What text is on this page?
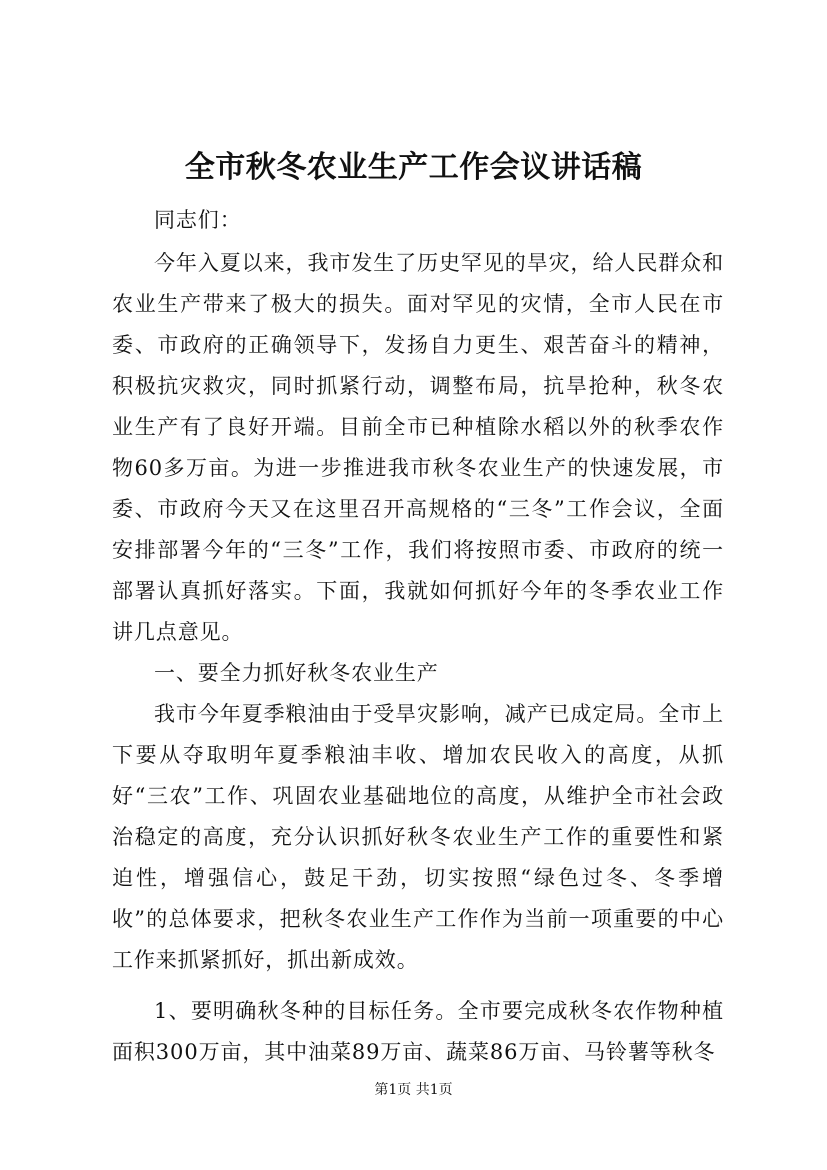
全市秋冬农业生产工作会议讲话稿

同志们：

今年入夏以来，我市发生了历史罕见的旱灾，给人民群众和农业生产带来了极大的损失。面对罕见的灾情，全市人民在市委、市政府的正确领导下，发扬自力更生、艰苦奋斗的精神，积极抗灾救灾，同时抓紧行动，调整布局，抗旱抢种，秋冬农业生产有了良好开端。目前全市已种植除水稻以外的秋季农作物60多万亩。为进一步推进我市秋冬农业生产的快速发展，市委、市政府今天又在这里召开高规格的“三冬”工作会议，全面安排部署今年的“三冬”工作，我们将按照市委、市政府的统一部署认真抓好落实。下面，我就如何抓好今年的冬季农业工作讲几点意见。

一、要全力抓好秋冬农业生产

我市今年夏季粮油由于受旱灾影响，减产已成定局。全市上下要从夺取明年夏季粮油丰收、增加农民收入的高度，从抓好“三农”工作、巩固农业基础地位的高度，从维护全市社会政治稳定的高度，充分认识抓好秋冬农业生产工作的重要性和紧迫性，增强信心，鼓足干劲，切实按照“绿色过冬、冬季增收”的总体要求，把秋冬农业生产工作作为当前一项重要的中心工作来抓紧抓好，抓出新成效。

1、要明确秋冬种的目标任务。全市要完成秋冬农作物种植面积300万亩，其中油菜89万亩、蔬菜86万亩、马铃薯等秋冬

第1页 共1页
